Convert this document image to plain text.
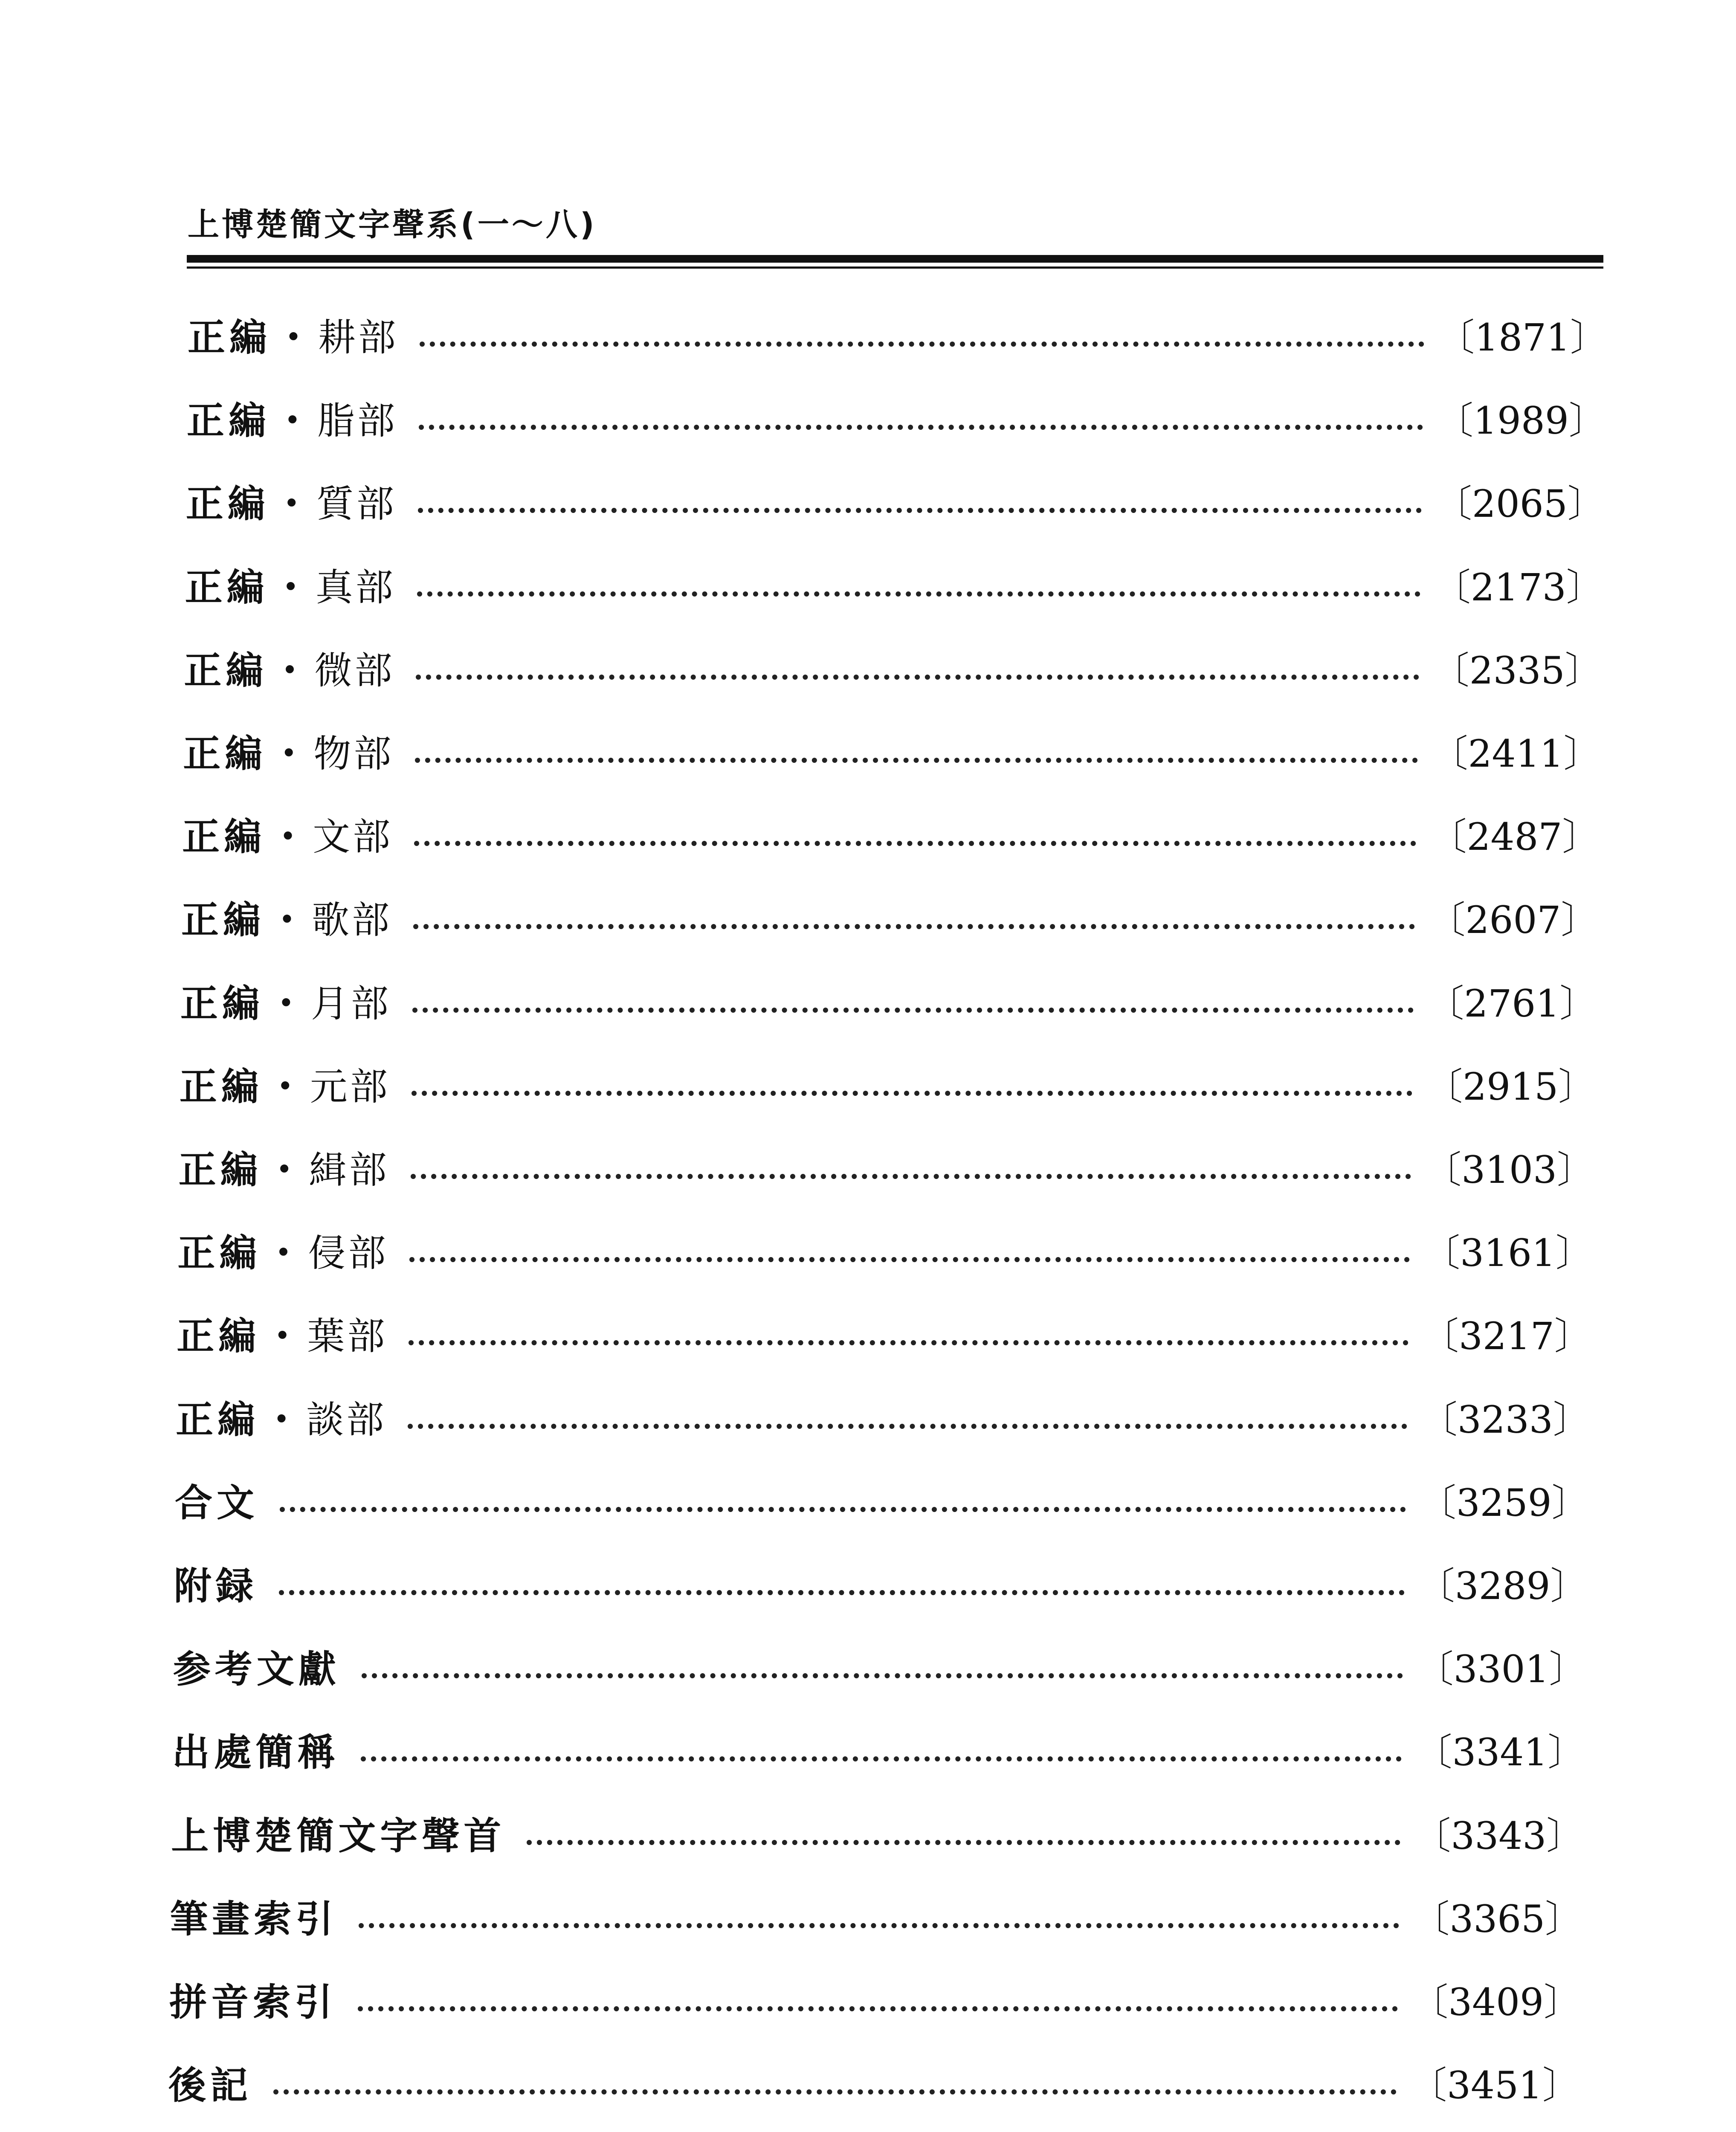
上博楚簡文字聲系(一～八)
正編・ 耕部	〔1871〕
正編・ 脂部	〔1989〕
正編・ 質部	〔2065〕
正編・ 真部	〔2173〕
正編・ 微部	〔2335〕
正編・ 物部	〔2411〕
正編・ 文部	〔2487〕
正編・ 歌部	〔2607〕
正編・ 月部	〔2761〕
正編・ 元部	〔2915〕
正編・ 緝部	〔3103〕
正編・ 侵部	〔3161〕
正編・ 葉部	〔3217〕
正編・ 談部	〔3233〕
合文	〔3259〕
附録	〔3289〕
参考文獻	〔3301〕
出處簡稱	〔3341〕
上博楚簡文字聲首	〔3343〕
筆畫索引	〔3365〕
拼音索引	〔3409〕
後記	〔3451〕
